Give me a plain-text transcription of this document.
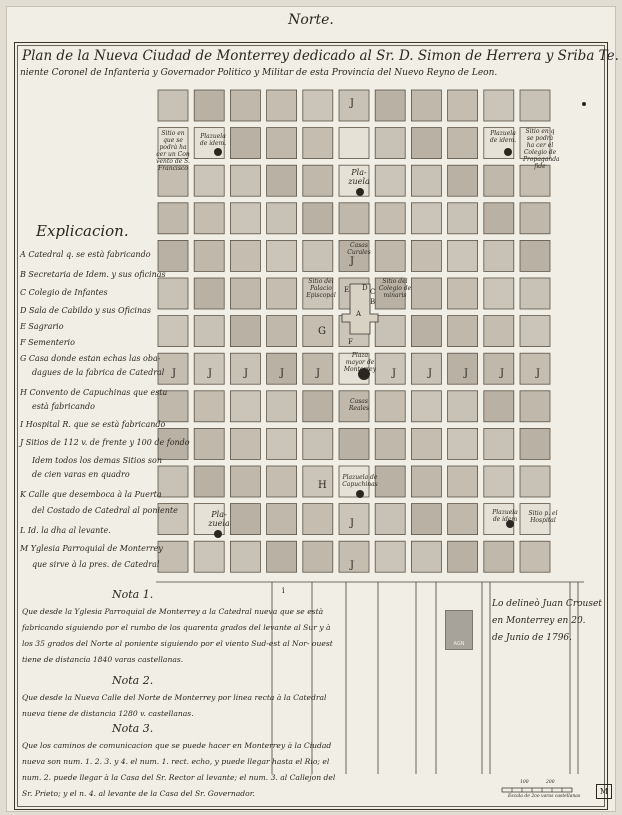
Norte.
Plan de la Nueva Ciudad de Monterrey dedicado al Sr. D. Simon de Herrera y Sriba Te.
niente Coronel de Infanteria y Governador Politico y Militar de esta Provincia del Nuevo Reyno de Leon.
J
Sitio en que se podrà ha cer un Con vento de S. Francisco
Plazuela de idem.
Plazuela de idem.
Sitio en q se podrà ha cer el Colegio de Propaganda fide
Pla- zuela
Casas Curales
J
Sitio del Palacio Episcopal
Sitio del Colegio de minaris
E D
B
C
A
F
G
Plaza mayor de Monterrey
Casas Reales
Plazuela de Capuchinas
H
Pla- zuela
Plazuela de idem
Sitio p. el Hospital
i
J	J	J	J	J	J	J	J	J	J
J
J
Explicacion.
A Catedral q. se està fabricando
B Secretaria de Idem. y sus oficinas
C Colegio de Infantes
D Sala de Cabildo y sus Oficinas
E Sagrario
F Sementerio
G Casa donde estan echas las oba-
dagues de la fabrica de Catedral
H Convento de Capuchinas que esta
està fabricando
I Hospital R. que se està fabricando
J Sitios de 112 v. de frente y 100 de fondo
Idem todos los demas Sitios son
de cien varas en quadro
K Calle que desemboca à la Puerta
del Costado de Catedral al poniente
L Id. la dha al levante.
M Yglesia Parroquial de Monterrey
que sirve à la pres. de Catedral
Nota 1.
Que desde la Yglesia Parroquial de Monterrey a la Catedral nueva que se està fabricando siguiendo por el rumbo de los quarenta grados del levante al Sur y à los 35 grados del Norte al poniente siguiendo por el viento Sud-est al Nor- ouest tiene de distancia 1840 varas castellanas.
Nota 2.
Que desde la Nueva Calle del Norte de Monterrey por linea recta à la Catedral nueva tiene de distancia 1280 v. castellanas.
Nota 3.
Que los caminos de comunicacion que se puede hacer en Monterrey à la Ciudad nueva son num. 1. 2. 3. y 4. el num. 1. rect. echo, y puede llegar hasta el Rio; el num. 2. puede llegar à la Casa del Sr. Rector al levante; el num. 3. al Callejon del Sr. Prieto; y el n. 4. al levante de la Casa del Sr. Governador.
Lo delineò Juan Crouset
en Monterrey en 20.
de Junio de 1796.
AGN
100	200
Escala de 2oo varas castellanas
M
